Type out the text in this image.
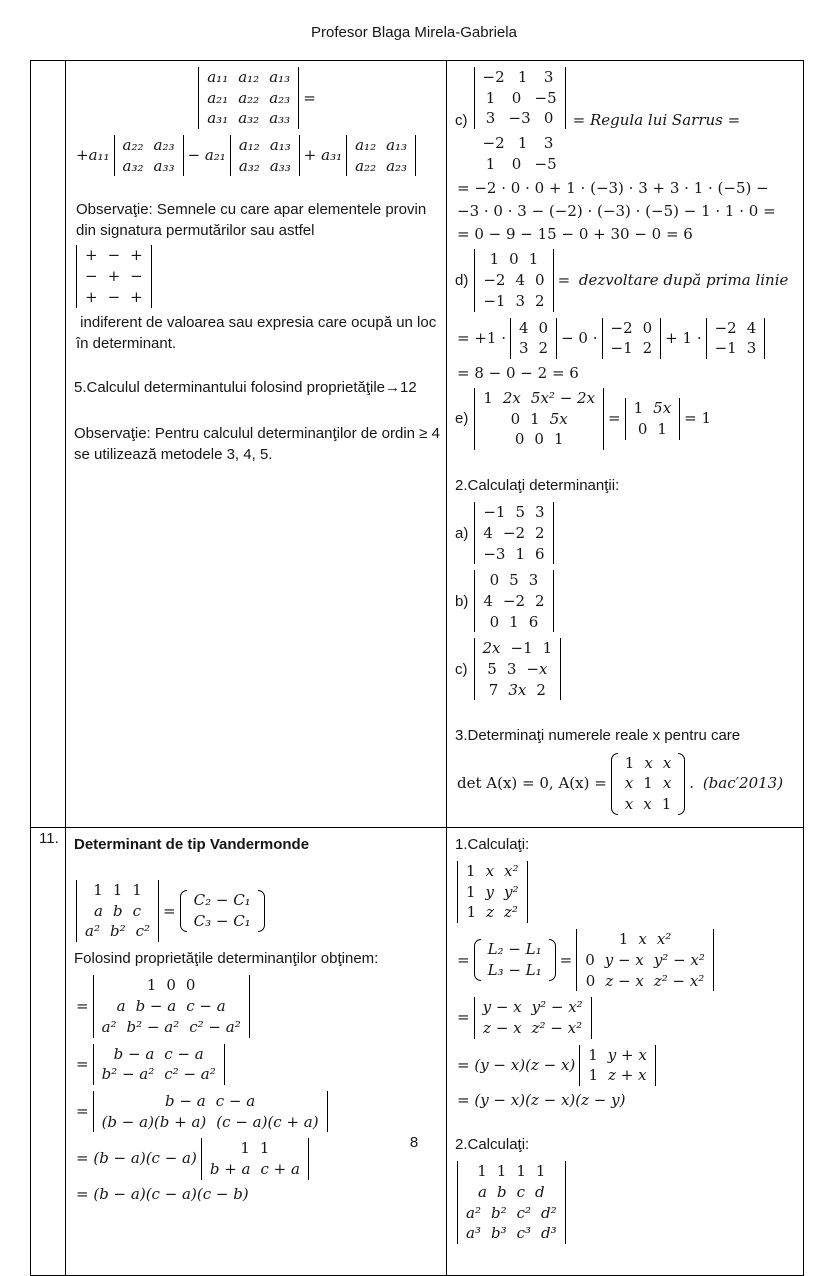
Profesor Blaga Mirela-Gabriela

a₁₁ a₁₂ a₁₃
a₂₁ a₂₂ a₂₃
a₃₁ a₃₂ a₃₃
=
+a₁₁
a₂₂ a₂₃
a₃₂ a₃₃
− a₂₁
a₁₂ a₁₃
a₃₂ a₃₃
+ a₃₁
a₁₂ a₁₃
a₂₂ a₂₃
Observaţie: Semnele cu care apar elementele provin din signatura permutărilor sau astfel
+ − +
− + −
+ − +
indiferent de valoarea sau expresia care ocupă un loc în determinant.
5.Calculul determinantului folosind proprietăţile→12
Observaţie: Pentru calculul determinanţilor de ordin ≥ 4 se utilizează metodele 3, 4, 5.

c)
−2 1	3
1	0 −5
3 −3 0
−2 1	3
1	0 −5
= Regula lui Sarrus =
= −2 · 0 · 0 + 1 · (−3) · 3 + 3 · 1 · (−5) −
−3 · 0 · 3 − (−2) · (−3) · (−5) − 1 · 1 · 0 =
= 0 − 9 − 15 − 0 + 30 − 0 = 6
d)
1 0 1
−2 4 0
−1 3 2
= dezvoltare după prima linie
= +1 ·
4 0
3 2
− 0 ·
−2 0
−1 2
+ 1 ·
−2 4
−1 3
= 8 − 0 − 2 = 6
e)
1 2x 5x² − 2x
0 1 5x
0 0 1
=
1 5x
0 1
= 1
2.Calculaţi determinanţii:
a)
−1 5 3
4 −2 2
−3 1 6
b)
0 5 3
4 −2 2
0 1 6
c)
2x −1 1
5 3 −x
7 3x 2
3.Determinaţi numerele reale x pentru care
det A(x) = 0, A(x) =
1 x x
x 1 x
x x 1
. (bac′2013)

11.	Determinant de tip Vandermonde
1 1 1
a b c
a² b² c²
=
C₂ − C₁
C₃ − C₁
Folosind proprietăţile determinanţilor obţinem:
=
1 0 0
a b − a c − a
a² b² − a² c² − a²
=
b − a c − a
b² − a² c² − a²
=
b − a c − a
(b − a)(b + a) (c − a)(c + a)
= (b − a)(c − a)
1 1
b + a c + a
= (b − a)(c − a)(c − b)

1.Calculaţi:
1 x x²
1 y y²
1 z z²
=
L₂ − L₁
L₃ − L₁
=
1 x x²
0 y − x y² − x²
0 z − x z² − x²
=
y − x y² − x²
z − x z² − x²
= (y − x)(z − x)
1 y + x
1 z + x
= (y − x)(z − x)(z − y)
2.Calculaţi:
1 1 1 1
a b c d
a² b² c² d²
a³ b³ c³ d³
8
